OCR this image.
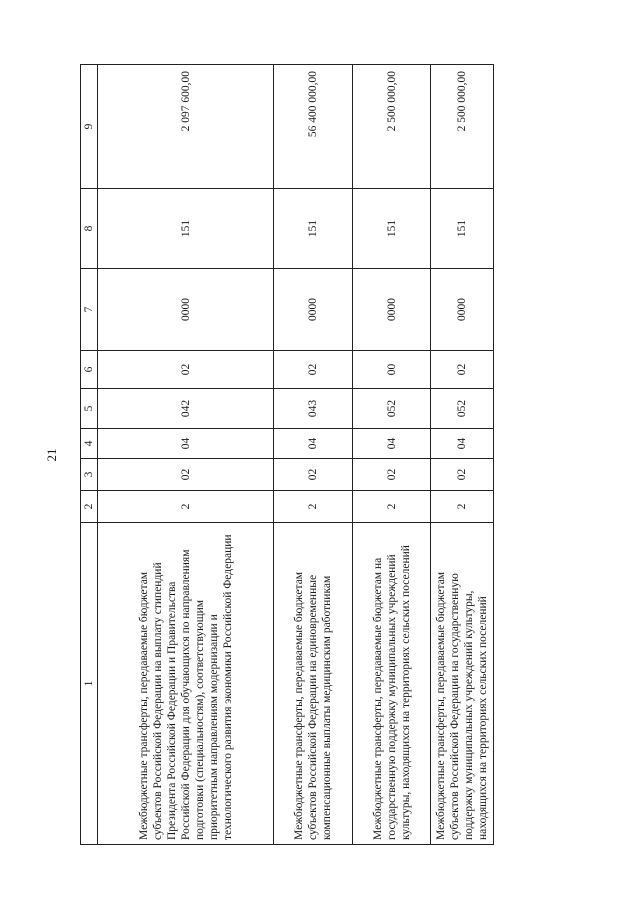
21
1	2	3	4	5	6	7	8	9
Межбюджетные трансферты, передаваемые бюджетам субъектов Российской Федерации на выплату стипендий Президента Российской Федерации и Правительства Российской Федерации для обучающихся по направлениям подготовки (специальностям), соответствующим приоритетным направлениям модернизации и технологического развития экономики Российской Федерации	2	02	04	042	02	0000	151	2 097 600,00
Межбюджетные трансферты, передаваемые бюджетам субъектов Российской Федерации на единовременные компенсационные выплаты медицинским работникам	2	02	04	043	02	0000	151	56 400 000,00
Межбюджетные трансферты, передаваемые бюджетам на государственную поддержку муниципальных учреждений культуры, находящихся на территориях сельских поселений	2	02	04	052	00	0000	151	2 500 000,00
Межбюджетные трансферты, передаваемые бюджетам субъектов Российской Федерации на государственную поддержку муниципальных учреждений культуры, находящихся на территориях сельских поселений	2	02	04	052	02	0000	151	2 500 000,00
